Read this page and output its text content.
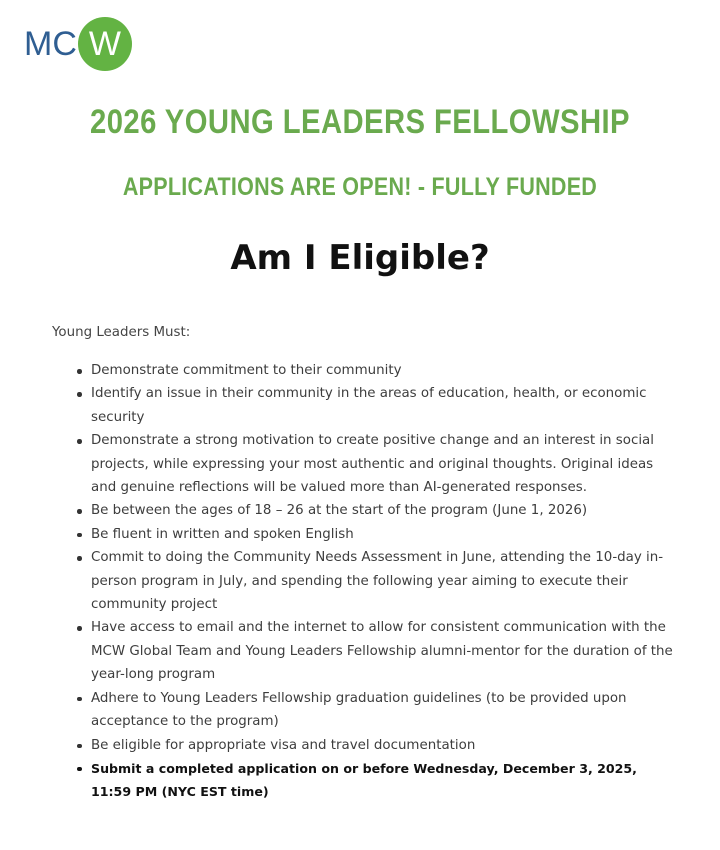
MC W
2026 YOUNG LEADERS FELLOWSHIP
APPLICATIONS ARE OPEN! - FULLY FUNDED
Am I Eligible?
Young Leaders Must:
Demonstrate commitment to their community
Identify an issue in their community in the areas of education, health, or economic security
Demonstrate a strong motivation to create positive change and an interest in social projects, while expressing your most authentic and original thoughts. Original ideas and genuine reflections will be valued more than AI-generated responses.
Be between the ages of 18 – 26 at the start of the program (June 1, 2026)
Be fluent in written and spoken English
Commit to doing the Community Needs Assessment in June, attending the 10-day in-person program in July, and spending the following year aiming to execute their community project
Have access to email and the internet to allow for consistent communication with the MCW Global Team and Young Leaders Fellowship alumni-mentor for the duration of the year-long program
Adhere to Young Leaders Fellowship graduation guidelines (to be provided upon acceptance to the program)
Be eligible for appropriate visa and travel documentation
Submit a completed application on or before Wednesday, December 3, 2025, 11:59 PM (NYC EST time)
